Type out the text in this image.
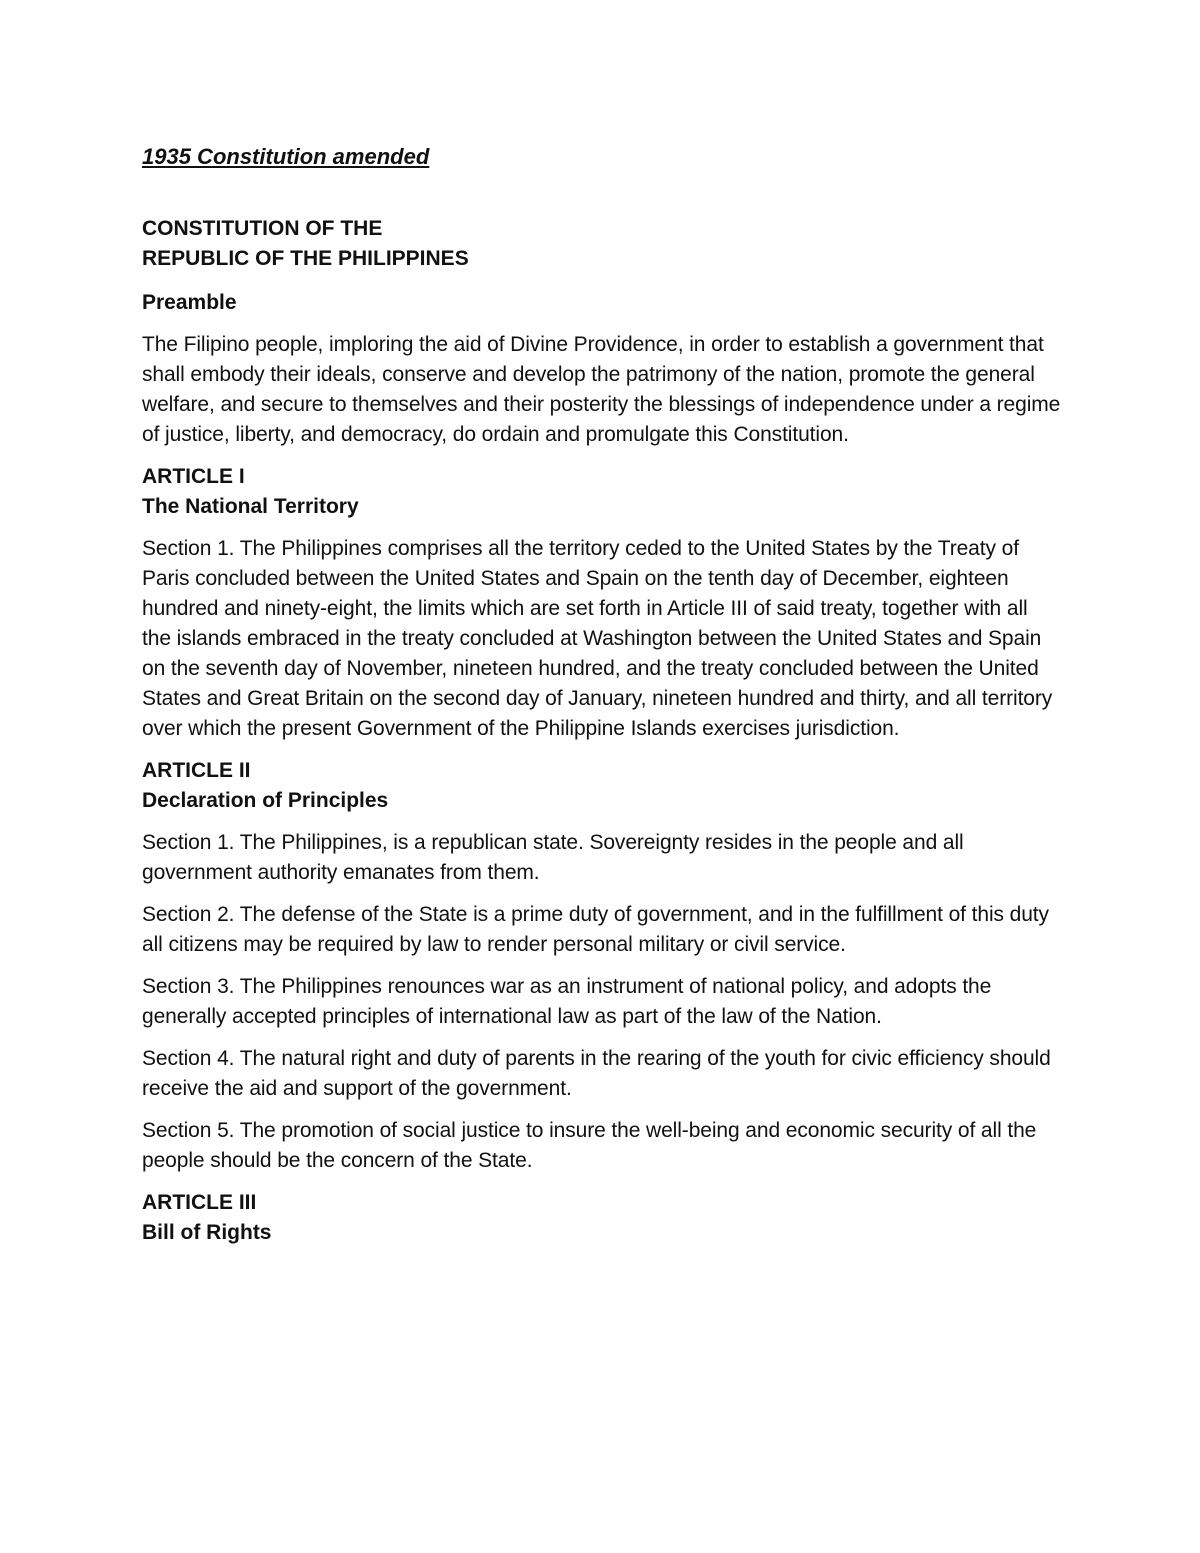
1935 Constitution amended

CONSTITUTION OF THE
REPUBLIC OF THE PHILIPPINES
Preamble

The Filipino people, imploring the aid of Divine Providence, in order to establish a government that shall embody their ideals, conserve and develop the patrimony of the nation, promote the general welfare, and secure to themselves and their posterity the blessings of independence under a regime of justice, liberty, and democracy, do ordain and promulgate this Constitution.

ARTICLE I
The National Territory

Section 1. The Philippines comprises all the territory ceded to the United States by the Treaty of Paris concluded between the United States and Spain on the tenth day of December, eighteen hundred and ninety-eight, the limits which are set forth in Article III of said treaty, together with all the islands embraced in the treaty concluded at Washington between the United States and Spain on the seventh day of November, nineteen hundred, and the treaty concluded between the United States and Great Britain on the second day of January, nineteen hundred and thirty, and all territory over which the present Government of the Philippine Islands exercises jurisdiction.

ARTICLE II
Declaration of Principles

Section 1. The Philippines, is a republican state. Sovereignty resides in the people and all government authority emanates from them.

Section 2. The defense of the State is a prime duty of government, and in the fulfillment of this duty all citizens may be required by law to render personal military or civil service.

Section 3. The Philippines renounces war as an instrument of national policy, and adopts the generally accepted principles of international law as part of the law of the Nation.

Section 4. The natural right and duty of parents in the rearing of the youth for civic efficiency should receive the aid and support of the government.

Section 5. The promotion of social justice to insure the well-being and economic security of all the people should be the concern of the State.

ARTICLE III
Bill of Rights
